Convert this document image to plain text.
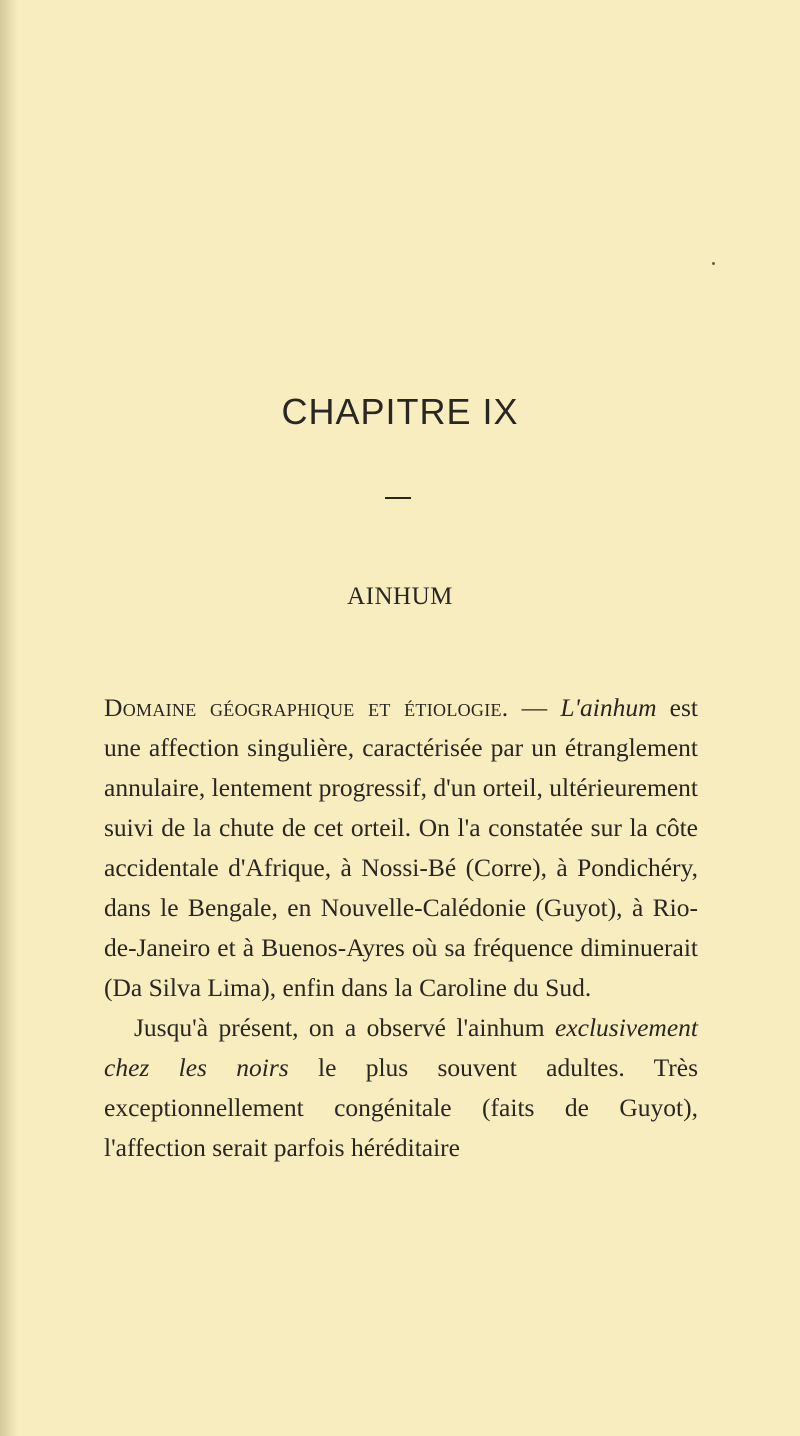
CHAPITRE IX
AINHUM

Domaine géographique et étiologie. — L'ainhum est une affection singulière, caractérisée par un étranglement annulaire, lentement progressif, d'un orteil, ultérieurement suivi de la chute de cet orteil. On l'a constatée sur la côte accidentale d'Afrique, à Nossi-Bé (Corre), à Pondichéry, dans le Bengale, en Nouvelle-Calédonie (Guyot), à Rio-de-Janeiro et à Buenos-Ayres où sa fréquence diminuerait (Da Silva Lima), enfin dans la Caroline du Sud.

Jusqu'à présent, on a observé l'ainhum exclusivement chez les noirs le plus souvent adultes. Très exceptionnellement congénitale (faits de Guyot), l'affection serait parfois héréditaire
